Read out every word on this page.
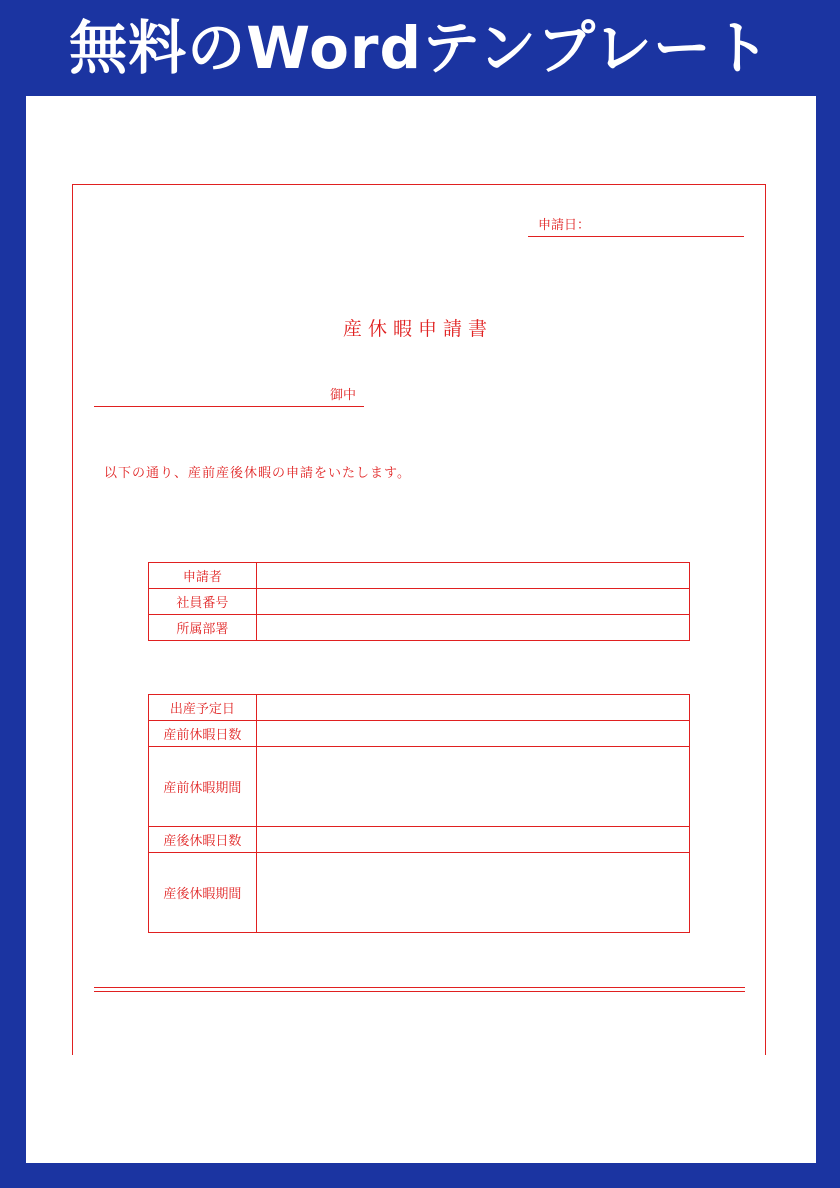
無料のWordテンプレート
申請日：
産休暇申請書
御中
以下の通り、産前産後休暇の申請をいたします。
申請者	
社員番号	
所属部署	
出産予定日	
産前休暇日数	
産前休暇期間	
産後休暇日数	
産後休暇期間	
